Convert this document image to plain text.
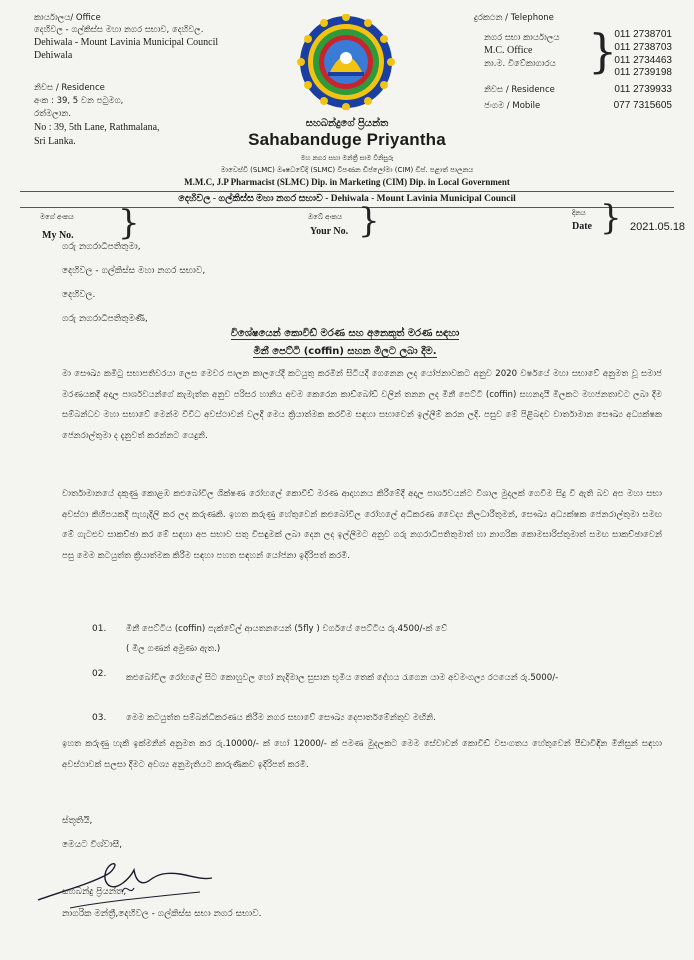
කාර්යාලය/ Office
දෙහිවල - ගල්කිස්ස මහා නගර සභාව, දෙහිවල.
Dehiwala - Mount Lavinia Municipal Council
Dehiwala
නිවස / Residence
අංක : 39, 5 වන පටුමග,
රත්මලාන.
No : 39, 5th Lane, Rathmalana,
Sri Lanka.
සහබන්දුගේ ප්‍රියන්ත
Sahabanduge Priyantha
මහ නගර සභා මන්ත්‍රී සාම විනිසුරු
මාවෙස්වි (SLMC) ඖෂධවේදි (SLMC) විපණන ඩිප්ලෝමා (CIM) ඩිප්. පළාත් පාලනය
M.M.C, J.P Pharmacist (SLMC) Dip. in Marketing (CIM) Dip. in Local Government
දෙහිවල - ගල්කිස්ස මහා නගර සභාව - Dehiwala - Mount Lavinia Municipal Council
දුරකථන / Telephone
නගර සභා කාර්යාලය
M.C. Office
නා.ම. විවේකාගාරය }
011 2738701
011 2738703
011 2734463
011 2739198
නිවස / Residence	011 2739933
ජංගම / Mobile	077 7315605
මගේ අංකය
My No. }	ඔබේ අංකය
Your No. }	දිනය
Date } 2021.05.18
ගරු නගරාධිපතිතුමා,
දෙහිවල - ගල්කිස්ස මහා නගර සභාව,
දෙහිවල.
ගරු නගරාධිපතිතුමණි,
විශේෂයෙන් කොවිඩ් මරණ සහ අනෙකුත් මරණ සඳහා
මිනී පෙට්ටි (coffin) සහන මිලට ලබා දීම.
මා සෞඛ්‍ය කමිටු සභාපතිවරයා ලෙස මෙවර පාලන කාලයේදී කටයුතු කරමින් සිටියදී ගෙනෙන ලද යෝජනාවකට අනුව 2020 වර්ෂයේ මහා සභාවේ අනුමත වූ සමාජ මරණයකදී අදාල පාර්ශවයන්ගේ කැමැත්ත අනුව පරිසර හානිය අවම කෙරෙන කාඩ්බෝඩ් වලින් තනන ලද මිනී පෙට්ටි (coffin) සහනදායී මිලකට මහජනතාවට ලබා දීම සම්බන්ධව මහා සභාවේ මෙන්ම විවිධ අවස්ථාවන් වලදී මෙය ක්‍රියාත්මක කරවීම සඳහා සභාවෙන් ඉල්ලීම් කරන ලදි. පසුව මේ පිළිබඳව වාර්තාමාන සෞඛ්‍ය අධ්‍යක්ෂක ජෙනරාල්තුමා ද දැනුවත් කරන්නට යෙදුනි.
වාර්තාමානයේ දකුණු කොළඹ කළුබෝවිල ශික්ෂණ රෝහලේ කොවිඩ් මරණ ආදාහනය කිරීමේදී අදාල පාර්ශවයන්ට විශාල මුදලක් ගෙවීම සිදු වී ඇති බව අප මහා සභා අවස්ථා කිහිපයකදී පැහැදිලි කර ලද කරුණකි. ඉහත කරුණු හේතුවෙන් කළුබෝවිල රෝහලේ අධිකරණ වෛද්‍ය නිලධාරීතුමන්, සෞඛ්‍ය අධ්‍යක්ෂක ජෙනරාල්තුමා සමඟ මේ ගැටළුව සාකච්ඡා කර මේ සඳහා අප සභාව සතු විසඳුමක් ලබා දෙන ලද ඉල්ලීමට අනුව ගරු නගරාධිපතිතුමාත් හා නාගරික කොමසාරිස්තුමාත් සමඟ සාකච්ඡාවෙන් පසු මෙම කටයුත්ත ක්‍රියාත්මක කිරීම සඳහා පහත සඳහන් යෝජනා ඉදිරිපත් කරමි.
01. මිනී පෙට්ටිය (coffin) පැක්වේල් ආයතනයෙන් (5fly ) වර්ගයේ පෙට්ටිය රු.4500/-ක් වේ
( මිල ගණන් අමුණා ඇත.)
02. කළුබෝවිල රෝහලේ සිට කොහුවල හෝ නැදිමාල සුසාන භූමිය තෙක් දේහය රැගෙන යාම අවමංගල්‍ය රථයෙන් රු.5000/-
03. මෙම කටයුත්ත සම්බන්ධීකරණය කිරීම නගර සභාවේ සෞඛ්‍ය දෙපාර්තමේන්තුව මඟිනි.
ඉහත කරුණු හැකි ඉක්මනින් අනුමත කර රු.10000/- ක් හෝ 12000/- ක් පමණ මුදලකට මෙම සේවාවන් කොවිඩ් වසංගතය හේතුවෙන් පීඩාවිඳින මිනිසුන් සඳහා අවස්ථාවක් සලසා දීමට අවශ්‍ය අනුමැතියට කාරුණිකව ඉදිරිපත් කරමි.
ස්තූතියි,
මෙයට විශ්වාසී,
සහබන්දු ප්‍රියන්ත,
නාගරික මන්ත්‍රී,දෙහිවල - ගල්කිස්ස සභා නගර සභාව.
